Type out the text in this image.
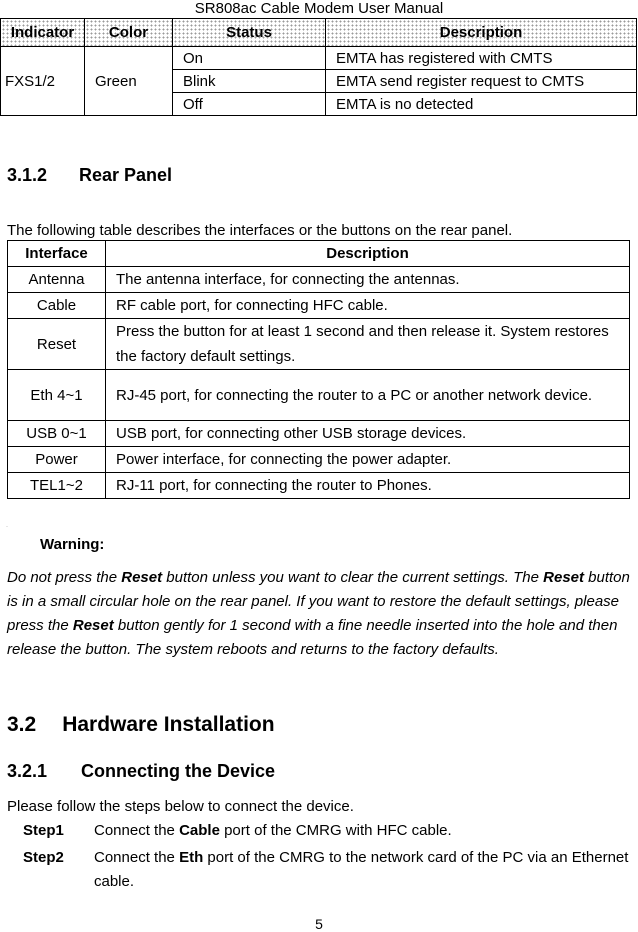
SR808ac Cable Modem User Manual
Indicator	Color	Status	Description
FXS1/2	Green	On	EMTA has registered with CMTS
		Blink	EMTA send register request to CMTS
		Off	EMTA is no detected
3.1.2 Rear Panel

The following table describes the interfaces or the buttons on the rear panel.

Interface	Description
Antenna	The antenna interface, for connecting the antennas.
Cable	RF cable port, for connecting HFC cable.
Reset	Press the button for at least 1 second and then release it. System restores the factory default settings.
Eth 4~1	RJ-45 port, for connecting the router to a PC or another network device.
USB 0~1	USB port, for connecting other USB storage devices.
Power	Power interface, for connecting the power adapter.
TEL1~2	RJ-11 port, for connecting the router to Phones.
·
Warning:

Do not press the Reset button unless you want to clear the current settings. The Reset button is in a small circular hole on the rear panel. If you want to restore the default settings, please press the Reset button gently for 1 second with a fine needle inserted into the hole and then release the button. The system reboots and returns to the factory defaults.

3.2 Hardware Installation
3.2.1 Connecting the Device

Please follow the steps below to connect the device.

Step1 Connect the Cable port of the CMRG with HFC cable.
Step2 Connect the Eth port of the CMRG to the network card of the PC via an Ethernet cable.
5
